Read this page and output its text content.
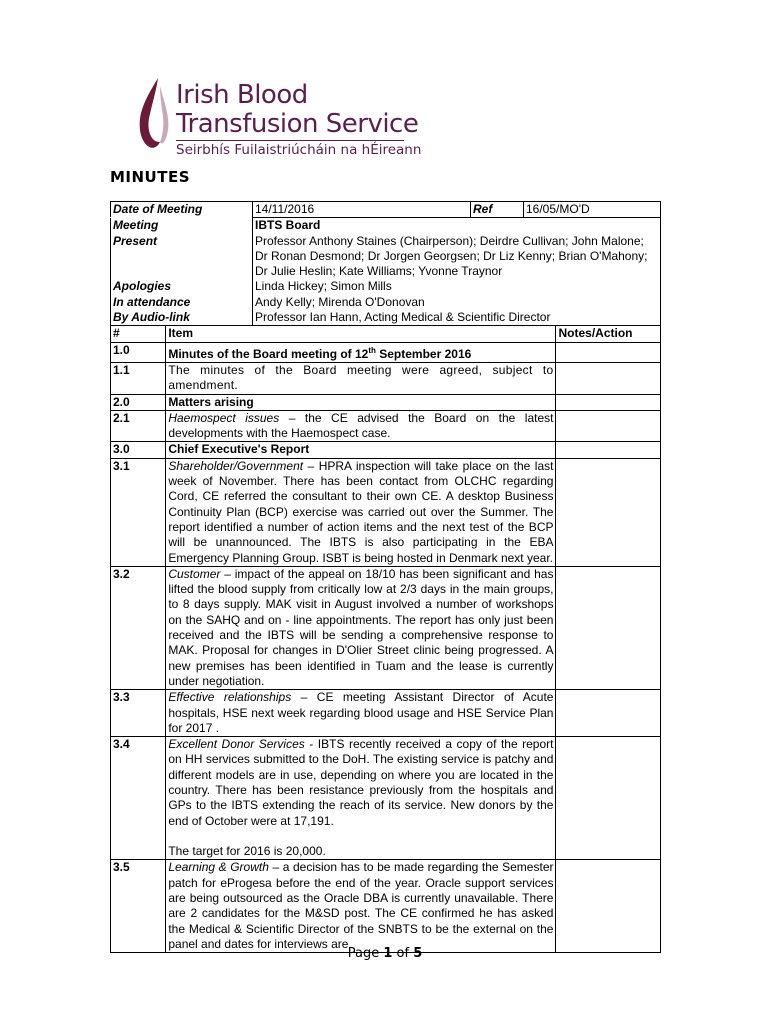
Irish Blood
Transfusion Service
Seirbhís Fuilaistriúcháin na hÉireann
MINUTES
Date of Meeting	14/11/2016	Ref	16/05/MO'D
Meeting	IBTS Board
Present	Professor Anthony Staines (Chairperson); Deirdre Cullivan; John Malone; Dr Ronan Desmond; Dr Jorgen Georgsen; Dr Liz Kenny; Brian O'Mahony; Dr Julie Heslin; Kate Williams; Yvonne Traynor
Apologies	Linda Hickey; Simon Mills
In attendance	Andy Kelly; Mirenda O'Donovan
By Audio-link	Professor Ian Hann, Acting Medical & Scientific Director
#	Item	Notes/Action
1.0	Minutes of the Board meeting of 12th September 2016	
1.1	The minutes of the Board meeting were agreed, subject to amendment.	
2.0	Matters arising	
2.1	Haemospect issues – the CE advised the Board on the latest developments with the Haemospect case.	
3.0	Chief Executive's Report	
3.1	Shareholder/Government – HPRA inspection will take place on the last week of November. There has been contact from OLCHC regarding Cord, CE referred the consultant to their own CE. A desktop Business Continuity Plan (BCP) exercise was carried out over the Summer. The report identified a number of action items and the next test of the BCP will be unannounced. The IBTS is also participating in the EBA Emergency Planning Group. ISBT is being hosted in Denmark next year.	
3.2	Customer – impact of the appeal on 18/10 has been significant and has lifted the blood supply from critically low at 2/3 days in the main groups, to 8 days supply. MAK visit in August involved a number of workshops on the SAHQ and on - line appointments. The report has only just been received and the IBTS will be sending a comprehensive response to MAK. Proposal for changes in D'Olier Street clinic being progressed. A new premises has been identified in Tuam and the lease is currently under negotiation.	
3.3	Effective relationships – CE meeting Assistant Director of Acute hospitals, HSE next week regarding blood usage and HSE Service Plan for 2017 .	
3.4	Excellent Donor Services - IBTS recently received a copy of the report on HH services submitted to the DoH. The existing service is patchy and different models are in use, depending on where you are located in the country. There has been resistance previously from the hospitals and GPs to the IBTS extending the reach of its service. New donors by the end of October were at 17,191.

The target for 2016 is 20,000.	
3.5	Learning & Growth – a decision has to be made regarding the Semester patch for eProgesa before the end of the year. Oracle support services are being outsourced as the Oracle DBA is currently unavailable. There are 2 candidates for the M&SD post. The CE confirmed he has asked the Medical & Scientific Director of the SNBTS to be the external on the panel and dates for interviews are	
Page 1 of 5
